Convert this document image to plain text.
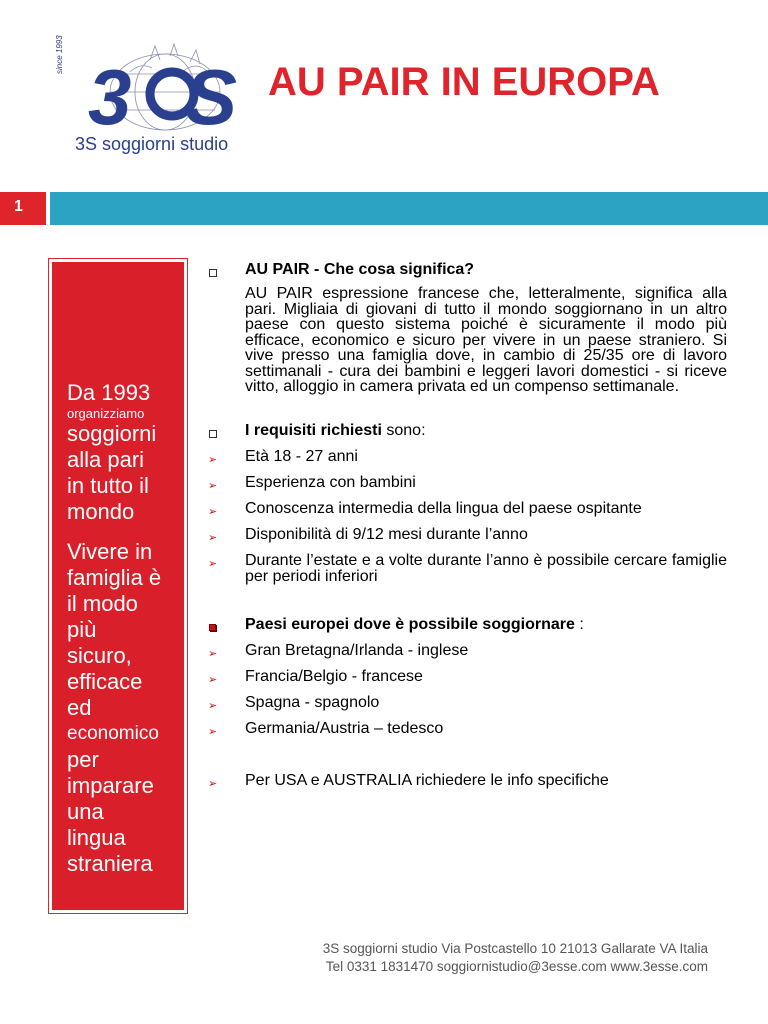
since 1993 3 S
3S soggiorni studio
AU PAIR IN EUROPA
1
Da 1993
organizziamo
soggiorni
alla pari
in tutto il
mondo
Vivere in
famiglia è
il modo
più
sicuro,
efficace
ed
economico
per
imparare
una
lingua
straniera
AU PAIR - Che cosa significa?
AU PAIR espressione francese che, letteralmente, significa alla pari. Migliaia di giovani di tutto il mondo soggiornano in un altro paese con questo sistema poiché è sicuramente il modo più efficace, economico e sicuro per vivere in un paese straniero. Si vive presso una famiglia dove, in cambio di 25/35 ore di lavoro settimanali - cura dei bambini e leggeri lavori domestici - si riceve vitto, alloggio in camera privata ed un compenso settimanale.
I requisiti richiesti sono:
➢ Età 18 - 27 anni
➢ Esperienza con bambini
➢ Conoscenza intermedia della lingua del paese ospitante
➢ Disponibilità di 9/12 mesi durante l’anno
➢ Durante l’estate e a volte durante l’anno è possibile cercare famiglie per periodi inferiori
Paesi europei dove è possibile soggiornare :
➢ Gran Bretagna/Irlanda - inglese
➢ Francia/Belgio - francese
➢ Spagna - spagnolo
➢ Germania/Austria – tedesco
➢ Per USA e AUSTRALIA richiedere le info specifiche
3S soggiorni studio Via Postcastello 10 21013 Gallarate VA Italia
Tel 0331 1831470 soggiornistudio@3esse.com www.3esse.com
